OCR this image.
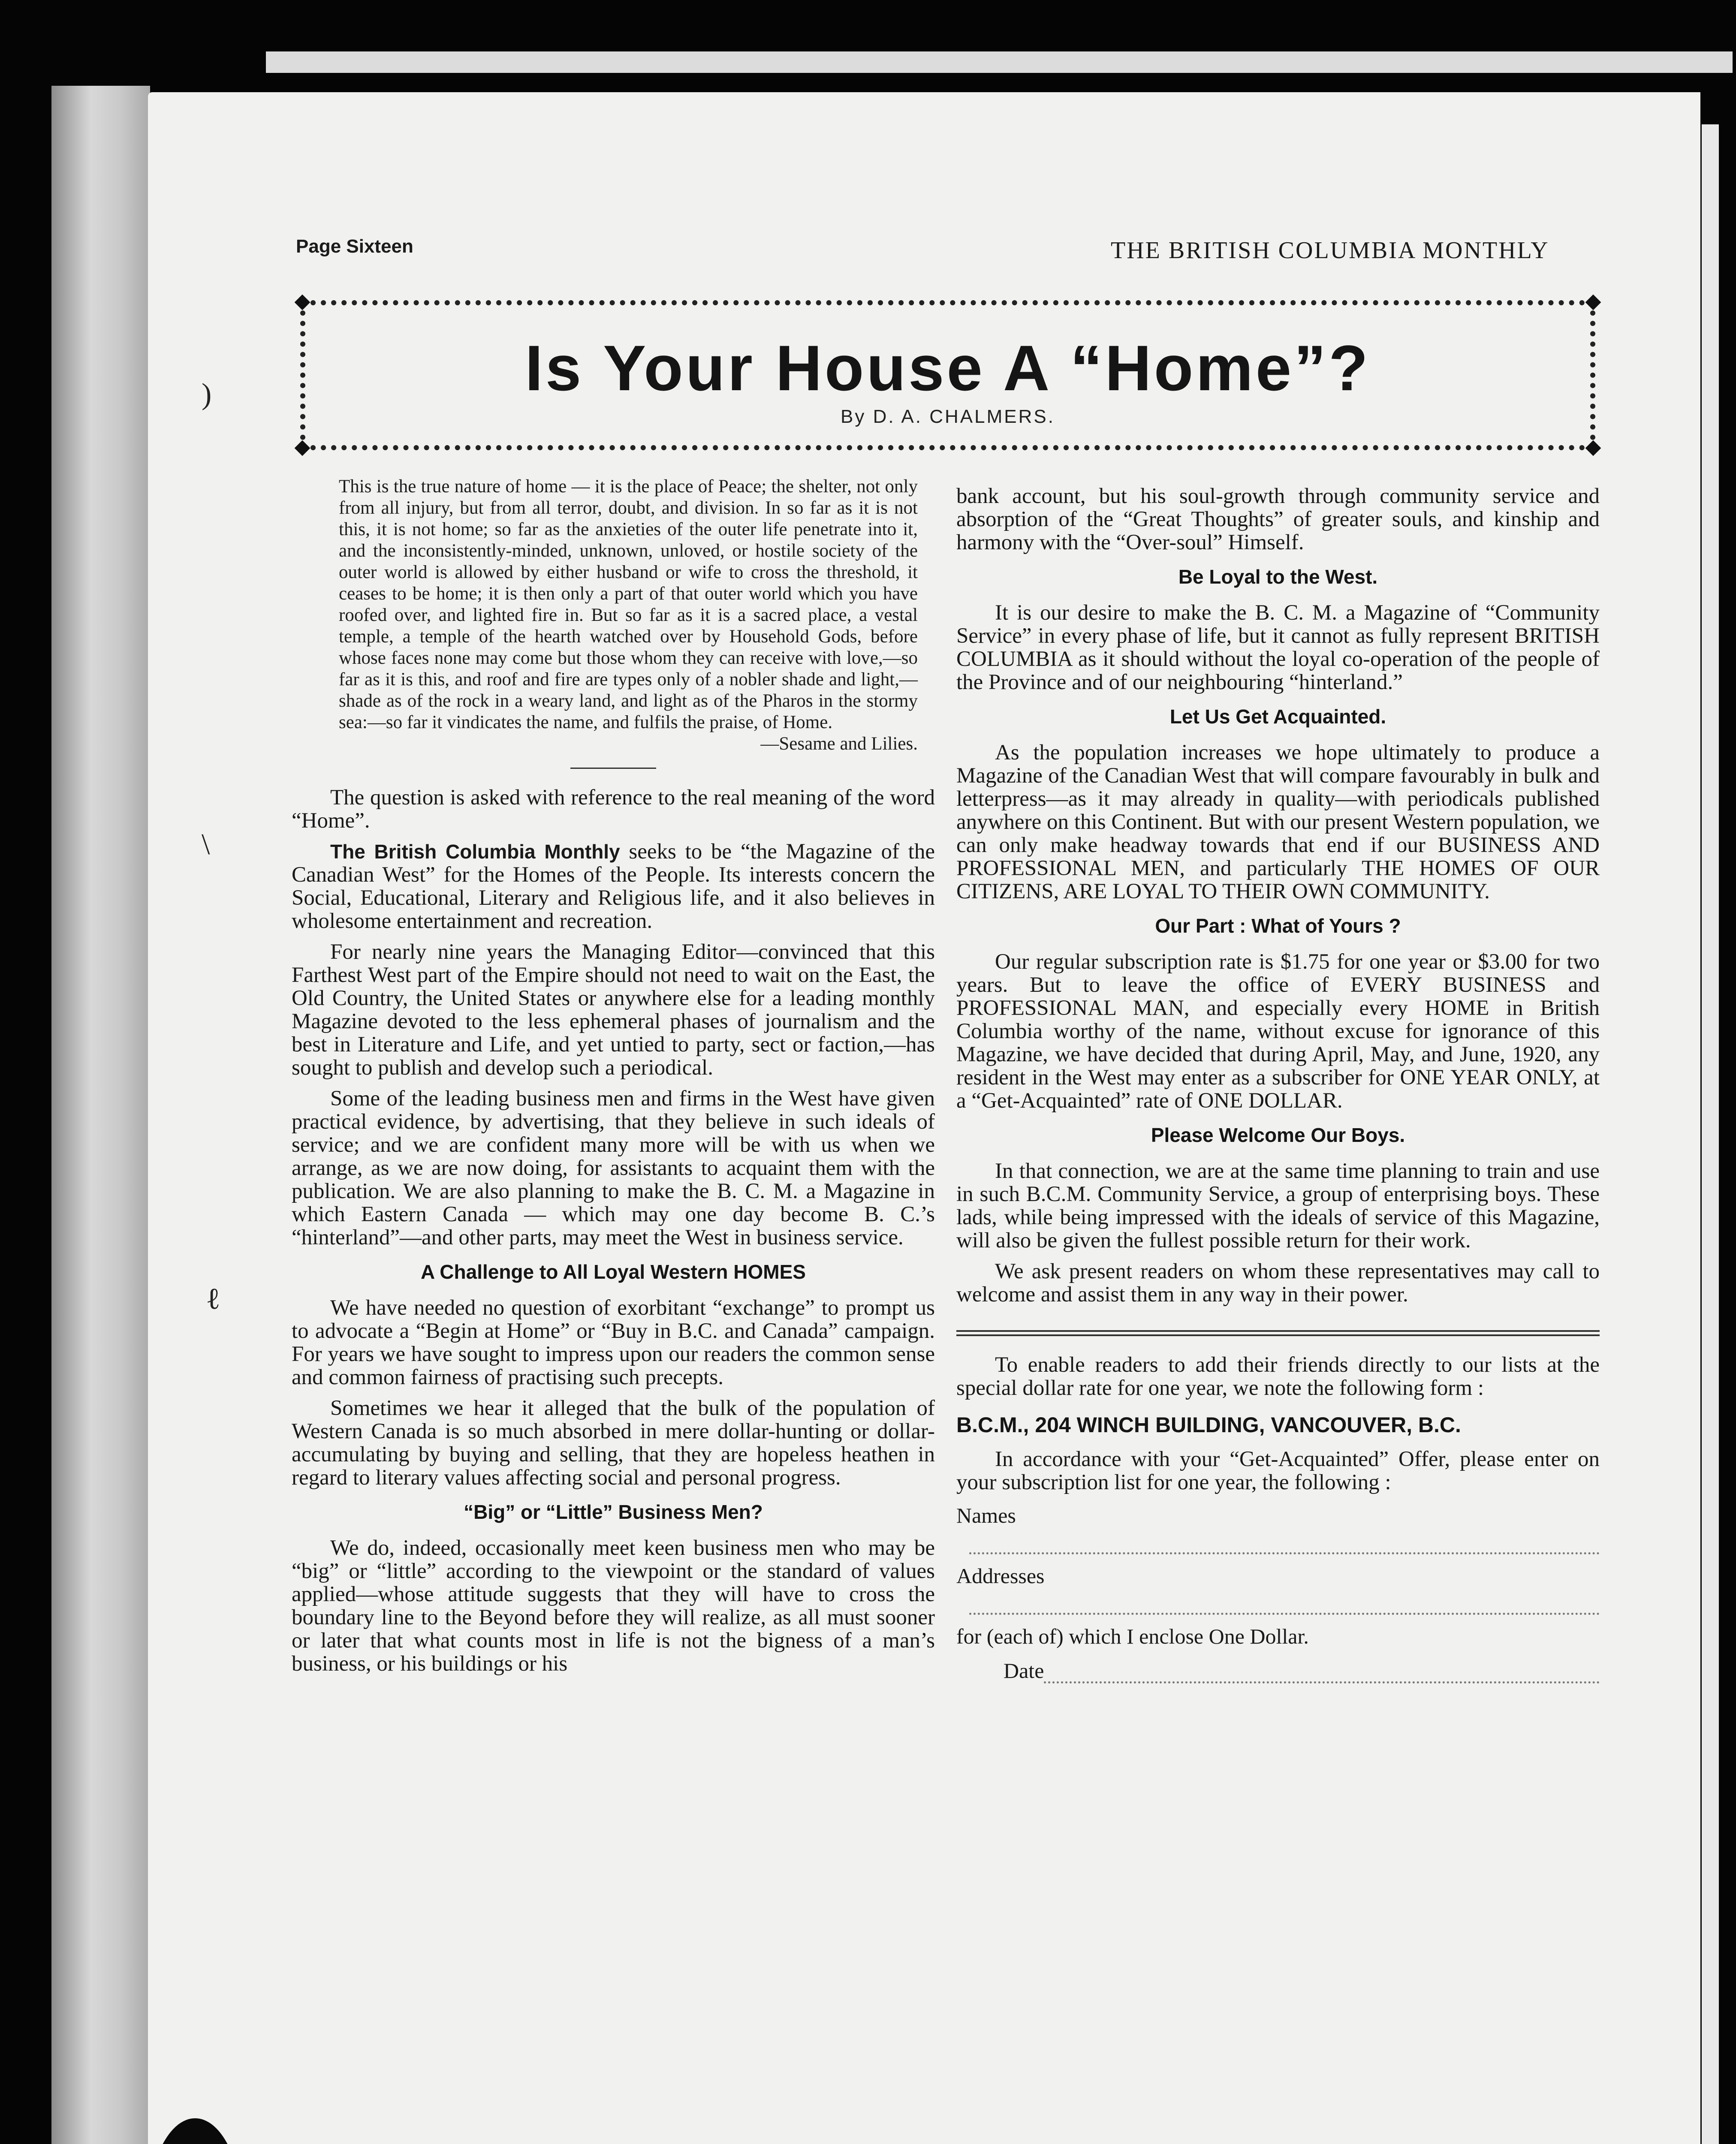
Page Sixteen	THE BRITISH COLUMBIA MONTHLY
Is Your House A “Home”?
By D. A. CHALMERS.

This is the true nature of home — it is the place of Peace; the shelter, not only from all injury, but from all terror, doubt, and division. In so far as it is not this, it is not home; so far as the anxieties of the outer life penetrate into it, and the inconsistently-minded, unknown, unloved, or hostile society of the outer world is allowed by either husband or wife to cross the threshold, it ceases to be home; it is then only a part of that outer world which you have roofed over, and lighted fire in. But so far as it is a sacred place, a vestal temple, a temple of the hearth watched over by Household Gods, before whose faces none may come but those whom they can receive with love,—so far as it is this, and roof and fire are types only of a nobler shade and light,—shade as of the rock in a weary land, and light as of the Pharos in the stormy sea:—so far it vindicates the name, and fulfils the praise, of Home.

—Sesame and Lilies.

The question is asked with reference to the real meaning of the word “Home”.

The British Columbia Monthly seeks to be “the Magazine of the Canadian West” for the Homes of the People. Its interests concern the Social, Educational, Literary and Religious life, and it also believes in wholesome entertainment and recreation.

For nearly nine years the Managing Editor—convinced that this Farthest West part of the Empire should not need to wait on the East, the Old Country, the United States or anywhere else for a leading monthly Magazine devoted to the less ephemeral phases of journalism and the best in Literature and Life, and yet untied to party, sect or faction,—has sought to publish and develop such a periodical.

Some of the leading business men and firms in the West have given practical evidence, by advertising, that they believe in such ideals of service; and we are confident many more will be with us when we arrange, as we are now doing, for assistants to acquaint them with the publication. We are also planning to make the B. C. M. a Magazine in which Eastern Canada — which may one day become B. C.’s “hinterland”—and other parts, may meet the West in business service.

A Challenge to All Loyal Western HOMES

We have needed no question of exorbitant “exchange” to prompt us to advocate a “Begin at Home” or “Buy in B.C. and Canada” campaign. For years we have sought to impress upon our readers the common sense and common fairness of practising such precepts.

Sometimes we hear it alleged that the bulk of the population of Western Canada is so much absorbed in mere dollar-hunting or dollar-accumulating by buying and selling, that they are hopeless heathen in regard to literary values affecting social and personal progress.

“Big” or “Little” Business Men?

We do, indeed, occasionally meet keen business men who may be “big” or “little” according to the viewpoint or the standard of values applied—whose attitude suggests that they will have to cross the boundary line to the Beyond before they will realize, as all must sooner or later that what counts most in life is not the bigness of a man’s business, or his buildings or his

bank account, but his soul-growth through community service and absorption of the “Great Thoughts” of greater souls, and kinship and harmony with the “Over-soul” Himself.

Be Loyal to the West.

It is our desire to make the B. C. M. a Magazine of “Community Service” in every phase of life, but it cannot as fully represent BRITISH COLUMBIA as it should without the loyal co-operation of the people of the Province and of our neighbouring “hinterland.”

Let Us Get Acquainted.

As the population increases we hope ultimately to produce a Magazine of the Canadian West that will compare favourably in bulk and letterpress—as it may already in quality—with periodicals published anywhere on this Continent. But with our present Western population, we can only make headway towards that end if our BUSINESS AND PROFESSIONAL MEN, and particularly THE HOMES OF OUR CITIZENS, ARE LOYAL TO THEIR OWN COMMUNITY.

Our Part : What of Yours ?

Our regular subscription rate is $1.75 for one year or $3.00 for two years. But to leave the office of EVERY BUSINESS and PROFESSIONAL MAN, and especially every HOME in British Columbia worthy of the name, without excuse for ignorance of this Magazine, we have decided that during April, May, and June, 1920, any resident in the West may enter as a subscriber for ONE YEAR ONLY, at a “Get-Acquainted” rate of ONE DOLLAR.

Please Welcome Our Boys.

In that connection, we are at the same time planning to train and use in such B.C.M. Community Service, a group of enterprising boys. These lads, while being impressed with the ideals of service of this Magazine, will also be given the fullest possible return for their work.

We ask present readers on whom these representatives may call to welcome and assist them in any way in their power.

To enable readers to add their friends directly to our lists at the special dollar rate for one year, we note the following form :

B.C.M., 204 WINCH BUILDING, VANCOUVER, B.C.

In accordance with your “Get-Acquainted” Offer, please enter on your subscription list for one year, the following :

Names
Addresses
for (each of) which I enclose One Dollar.
Date
ℓ
\
)
